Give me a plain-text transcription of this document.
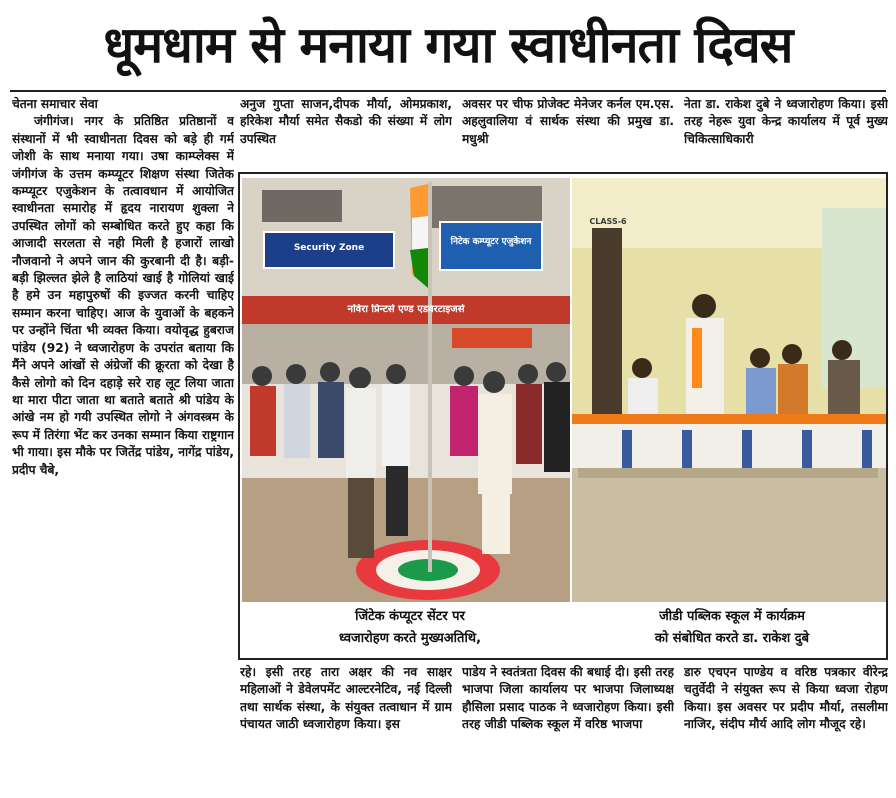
धूमधाम से मनाया गया स्वाधीनता दिवस

चेतना समाचार सेवा

जंगीगंज। नगर के प्रतिष्ठित प्रतिष्ठानों व संस्थानों में भी स्वाधीनता दिवस को बड़े ही गर्म जोशी के साथ मनाया गया। उषा काम्प्लेक्स में जंगीगंज के उत्तम कम्प्यूटर शिक्षण संस्था जितेक कम्प्यूटर एजुकेशन के तत्वावधान में आयोजित स्वाधीनता समारोह में हृदय नारायण शुक्ला ने उपस्थित लोगों को सम्बोधित करते हुए कहा कि आजादी सरलता से नही मिली है हजारों लाखो नौजवानो ने अपने जान की कुरबानी दी है। बड़ी-बड़ी झिल्लत झेले है लाठियां खाई है गोलियां खाई है हमे उन महापुरुषों की इज्जत करनी चाहिए सम्मान करना चाहिए। आज के युवाओं के बहकने पर उन्होंने चिंता भी व्यक्त किया। वयोवृद्ध हुबराज पांडेय (92) ने ध्वजारोहण के उपरांत बताया कि मैंने अपने आंखों से अंग्रेजों की क्रूरता को देखा है कैसे लोगो को दिन दहाड़े सरे राह लूट लिया जाता था मारा पीटा जाता था बताते बताते श्री पांडेय के आंखे नम हो गयी उपस्थित लोगो ने अंगवस्त्रम के रूप में तिरंगा भेंट कर उनका सम्मान किया राष्ट्रगान भी गाया। इस मौके पर जितेंद्र पांडेय, नागेंद्र पांडेय, प्रदीप चैबे,

अनुज गुप्ता साजन,दीपक मौर्या, ओमप्रकाश, हरिकेश मौर्या समेत सैकडो की संख्या में लोग उपस्थित

अवसर पर चीफ प्रोजेक्ट मेनेजर कर्नल एम.एस. अहलुवालिया वं सार्थक संस्था की प्रमुख डा. मधुश्री

नेता डा. राकेश दुबे ने ध्वजारोहण किया। इसी तरह नेहरू युवा केन्द्र कार्यालय में पूर्व मुख्य चिकित्साधिकारी

Security Zone
निटेक कम्प्यूटर एजुकेशन
नविरा प्रिन्टर्स एण्ड एडवरटाइजर्स
CLASS-6
जिंटेक कंप्यूटर सेंटर पर
ध्वजारोहण करते मुख्यअतिथि,
जीडी पब्लिक स्कूल में कार्यक्रम
को संबोधित करते डा. राकेश दुबे

रहे। इसी तरह तारा अक्षर की नव साक्षर महिलाओं ने डेवेलपमेंट आल्टरनेटिव, नई दिल्ली तथा सार्थक संस्था, के संयुक्त तत्वाधान में ग्राम पंचायत जाठी ध्वजारोहण किया। इस

पाडेय ने स्वतंत्रता दिवस की बधाई दी। इसी तरह भाजपा जिला कार्यालय पर भाजपा जिलाध्यक्ष हौसिला प्रसाद पाठक ने ध्वजारोहण किया। इसी तरह जीडी पब्लिक स्कूल में वरिष्ठ भाजपा

डारु एचएन पाण्डेय व वरिष्ठ पत्रकार वीरेन्द्र चतुर्वेदी ने संयुक्त रूप से किया ध्वजा रोहण किया। इस अवसर पर प्रदीप मौर्या, तसलीमा नाजिर, संदीप मौर्य आदि लोग मौजूद रहे।
